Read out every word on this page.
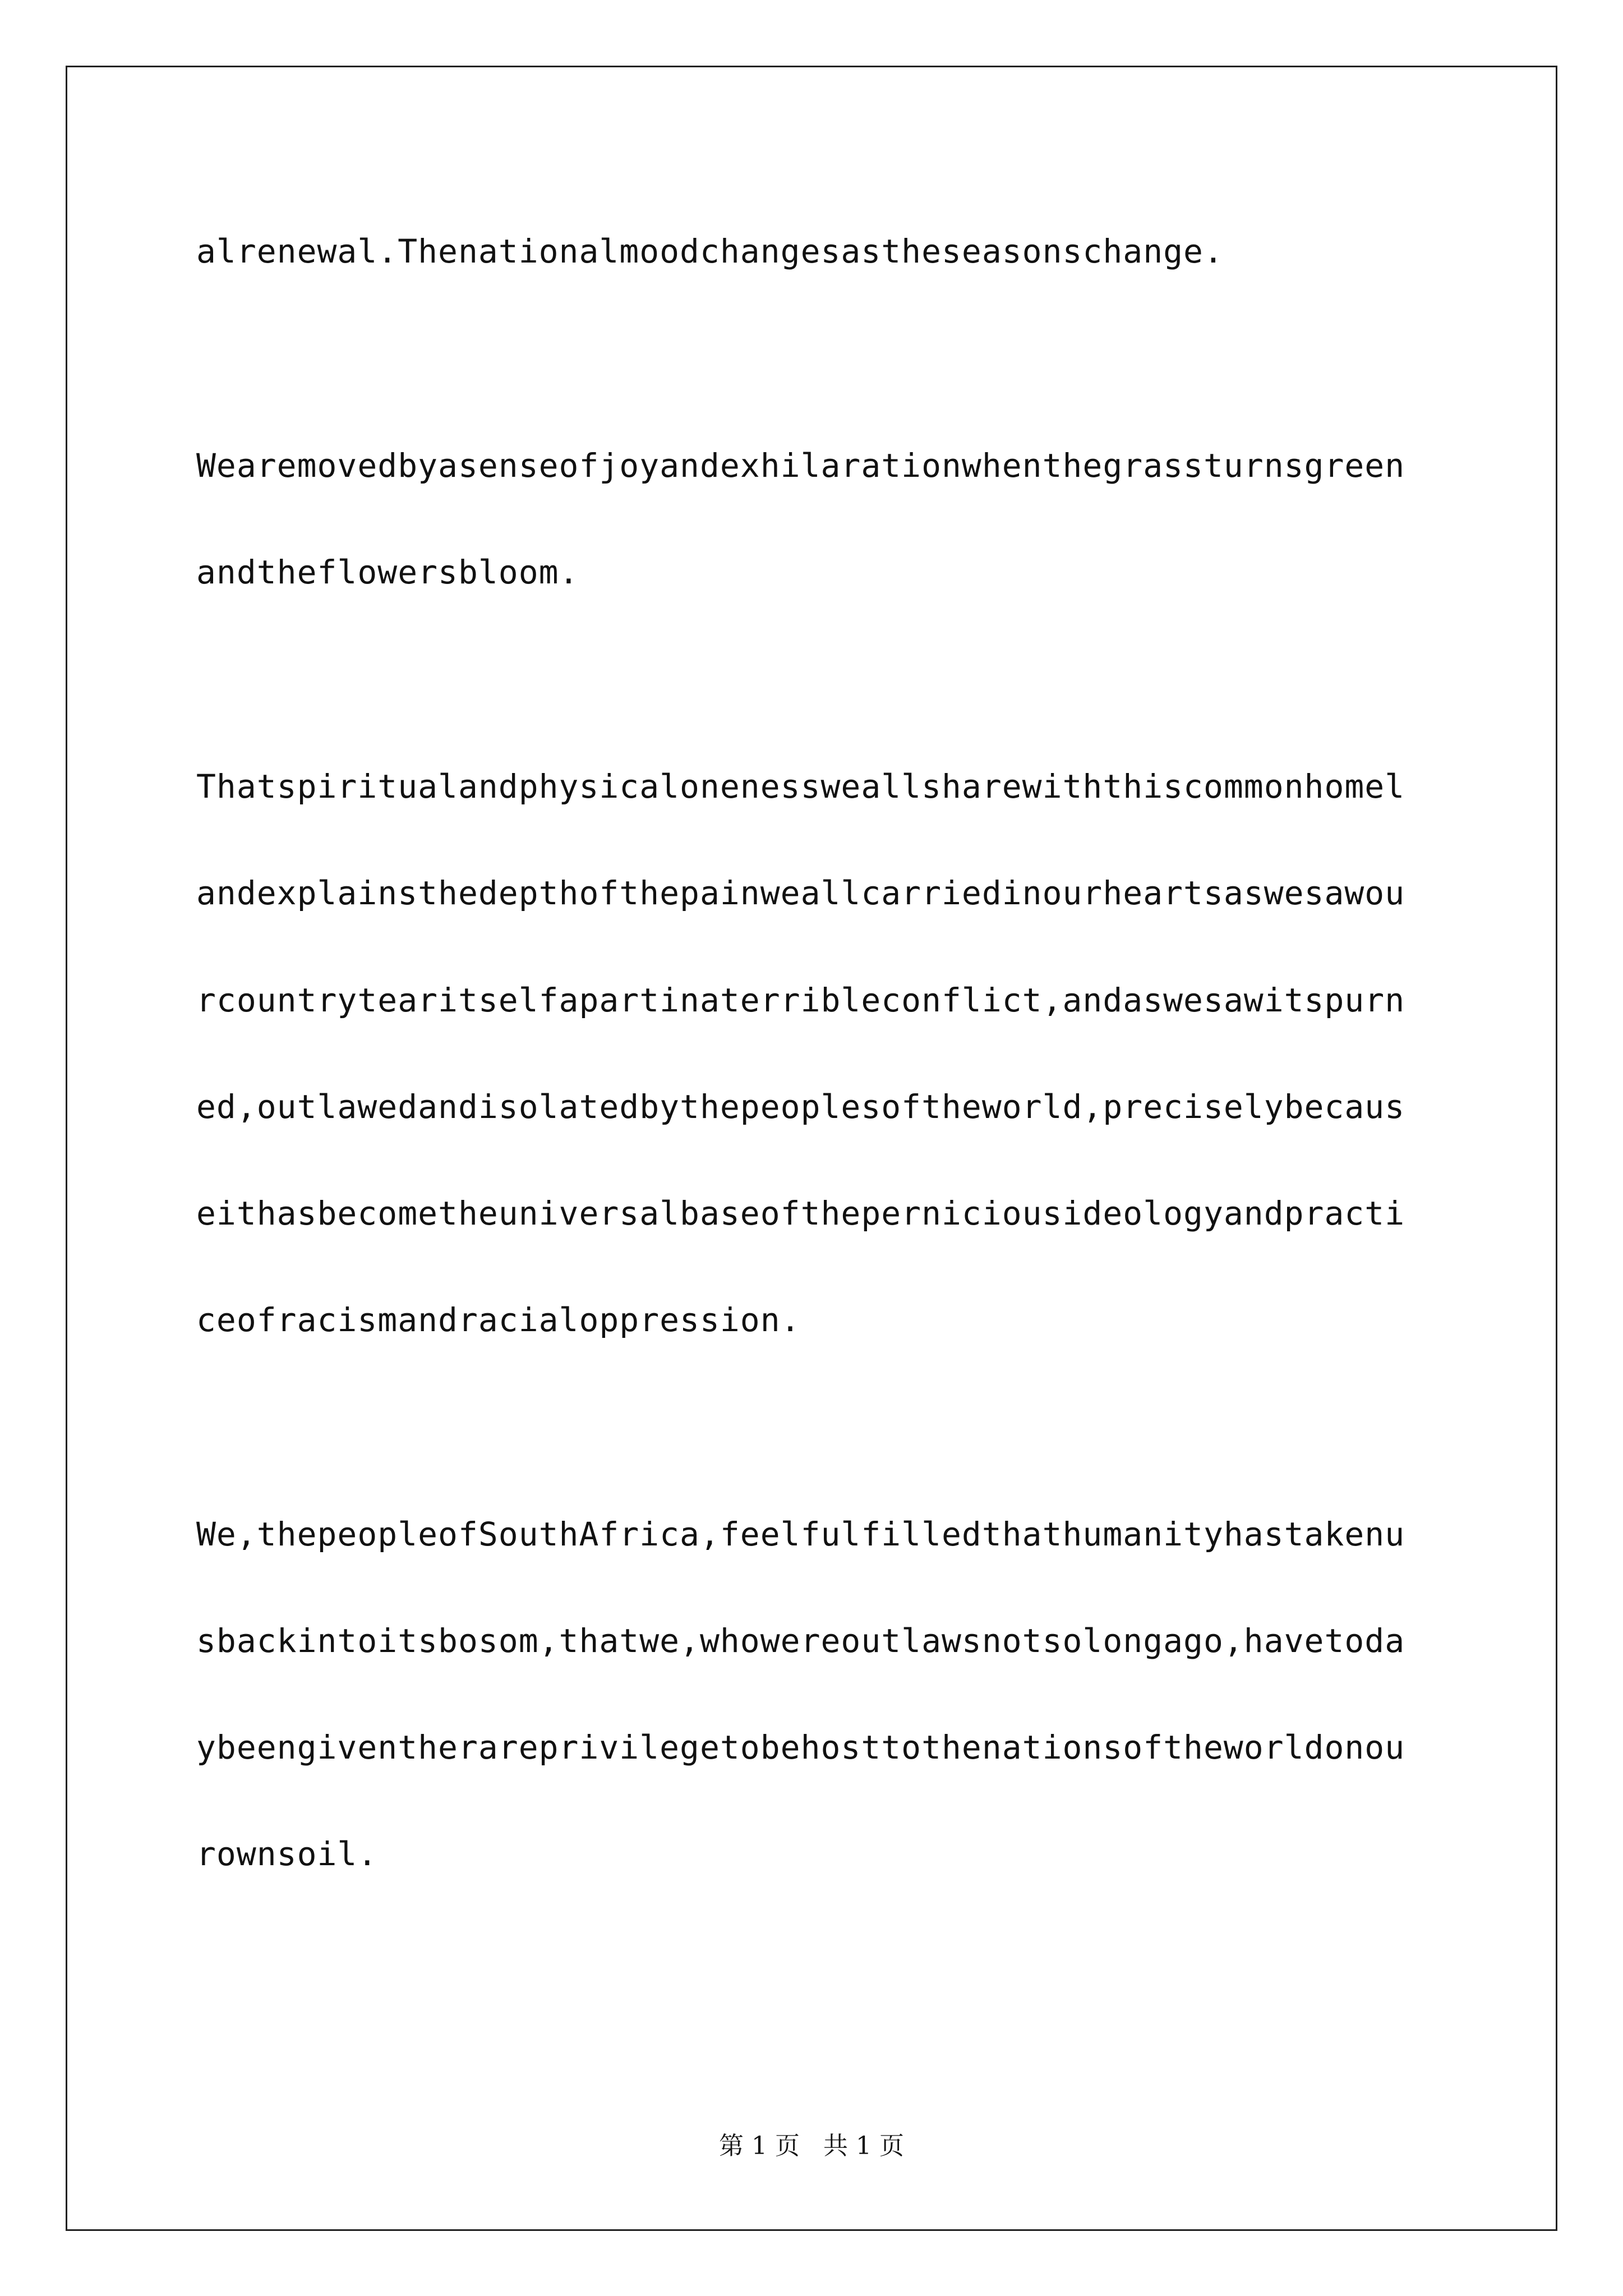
alrenewal.Thenationalmoodchangesastheseasonschange.
Wearemovedbyasenseofjoyandexhilarationwhenthegrassturnsgreen
andtheflowersbloom.
Thatspiritualandphysicalonenessweallsharewiththiscommonhomel
andexplainsthedepthofthepainweallcarriedinourheartsaswesawou
rcountrytearitselfapartinaterribleconflict,andaswesawitspurn
ed,outlawedandisolatedbythepeoplesoftheworld,preciselybecaus
eithasbecometheuniversalbaseoftheperniciousideologyandpracti
ceofracismandracialoppression.
We,thepeopleofSouthAfrica,feelfulfilledthathumanityhastakenu
sbackintoitsbosom,thatwe,whowereoutlawsnotsolongago,havetoda
ybeengiventherareprivilegetobehosttothenationsoftheworldonou
rownsoil.
第 1 页   共 1 页
